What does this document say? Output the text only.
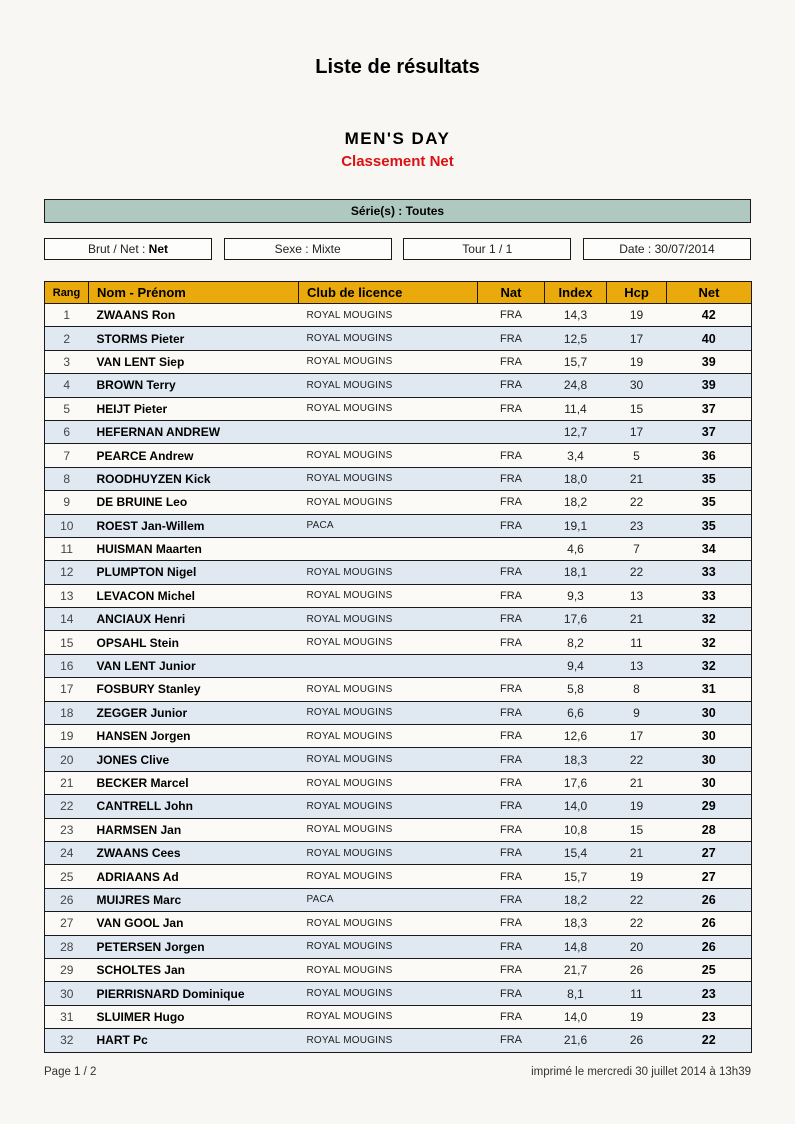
Liste de résultats
MEN'S DAY
Classement Net
Série(s) : Toutes
Brut / Net : Net	Sexe : Mixte	Tour 1 / 1	Date : 30/07/2014
Rang	Nom - Prénom	Club de licence	Nat	Index	Hcp	Net
1	ZWAANS Ron	ROYAL MOUGINS	FRA	14,3	19	42
2	STORMS Pieter	ROYAL MOUGINS	FRA	12,5	17	40
3	VAN LENT Siep	ROYAL MOUGINS	FRA	15,7	19	39
4	BROWN Terry	ROYAL MOUGINS	FRA	24,8	30	39
5	HEIJT Pieter	ROYAL MOUGINS	FRA	11,4	15	37
6	HEFERNAN ANDREW			12,7	17	37
7	PEARCE Andrew	ROYAL MOUGINS	FRA	3,4	5	36
8	ROODHUYZEN Kick	ROYAL MOUGINS	FRA	18,0	21	35
9	DE BRUINE Leo	ROYAL MOUGINS	FRA	18,2	22	35
10	ROEST Jan-Willem	PACA	FRA	19,1	23	35
11	HUISMAN Maarten			4,6	7	34
12	PLUMPTON Nigel	ROYAL MOUGINS	FRA	18,1	22	33
13	LEVACON Michel	ROYAL MOUGINS	FRA	9,3	13	33
14	ANCIAUX Henri	ROYAL MOUGINS	FRA	17,6	21	32
15	OPSAHL Stein	ROYAL MOUGINS	FRA	8,2	11	32
16	VAN LENT Junior			9,4	13	32
17	FOSBURY Stanley	ROYAL MOUGINS	FRA	5,8	8	31
18	ZEGGER Junior	ROYAL MOUGINS	FRA	6,6	9	30
19	HANSEN Jorgen	ROYAL MOUGINS	FRA	12,6	17	30
20	JONES Clive	ROYAL MOUGINS	FRA	18,3	22	30
21	BECKER Marcel	ROYAL MOUGINS	FRA	17,6	21	30
22	CANTRELL John	ROYAL MOUGINS	FRA	14,0	19	29
23	HARMSEN Jan	ROYAL MOUGINS	FRA	10,8	15	28
24	ZWAANS Cees	ROYAL MOUGINS	FRA	15,4	21	27
25	ADRIAANS Ad	ROYAL MOUGINS	FRA	15,7	19	27
26	MUIJRES Marc	PACA	FRA	18,2	22	26
27	VAN GOOL Jan	ROYAL MOUGINS	FRA	18,3	22	26
28	PETERSEN Jorgen	ROYAL MOUGINS	FRA	14,8	20	26
29	SCHOLTES Jan	ROYAL MOUGINS	FRA	21,7	26	25
30	PIERRISNARD Dominique	ROYAL MOUGINS	FRA	8,1	11	23
31	SLUIMER Hugo	ROYAL MOUGINS	FRA	14,0	19	23
32	HART Pc	ROYAL MOUGINS	FRA	21,6	26	22
Page 1 / 2	imprimé le mercredi 30 juillet 2014 à 13h39
